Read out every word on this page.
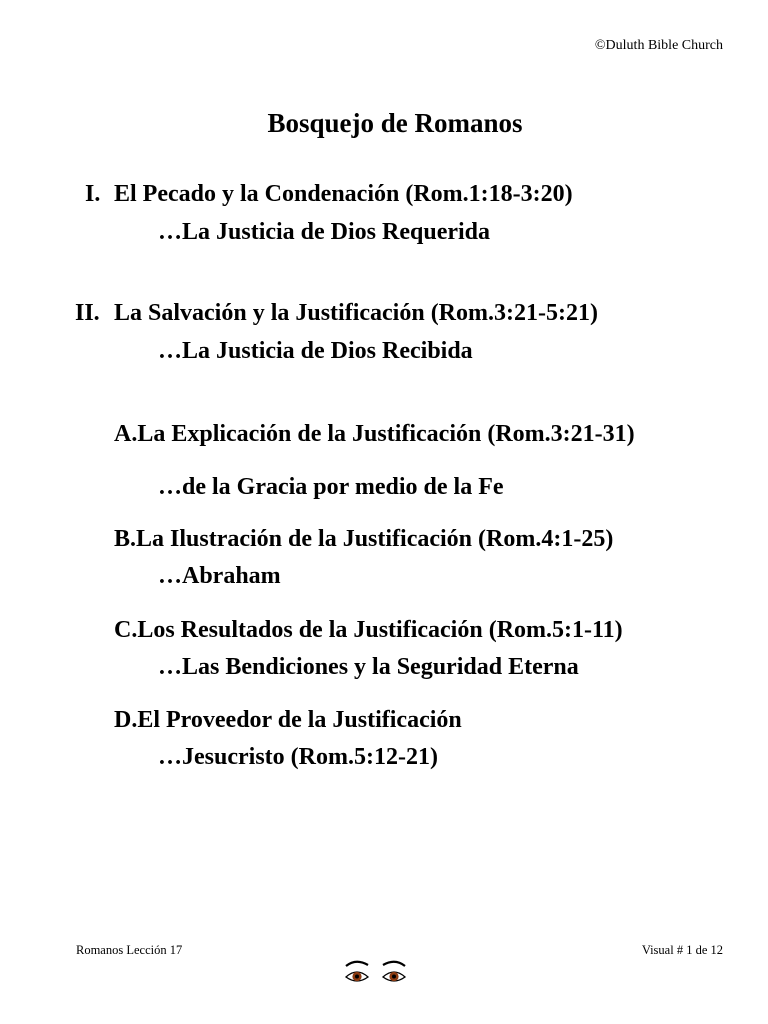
©Duluth Bible Church
Bosquejo de Romanos
I. El Pecado y la Condenación (Rom.1:18-3:20)
…La Justicia de Dios Requerida
II. La Salvación y la Justificación (Rom.3:21-5:21)
…La Justicia de Dios Recibida
A.La Explicación de la Justificación (Rom.3:21-31)
…de la Gracia por medio de la Fe
B.La Ilustración de la Justificación (Rom.4:1-25)
…Abraham
C.Los Resultados de la Justificación (Rom.5:1-11)
…Las Bendiciones y la Seguridad Eterna
D.El Proveedor de la Justificación
…Jesucristo (Rom.5:12-21)
Romanos Lección 17	Visual # 1 de 12
